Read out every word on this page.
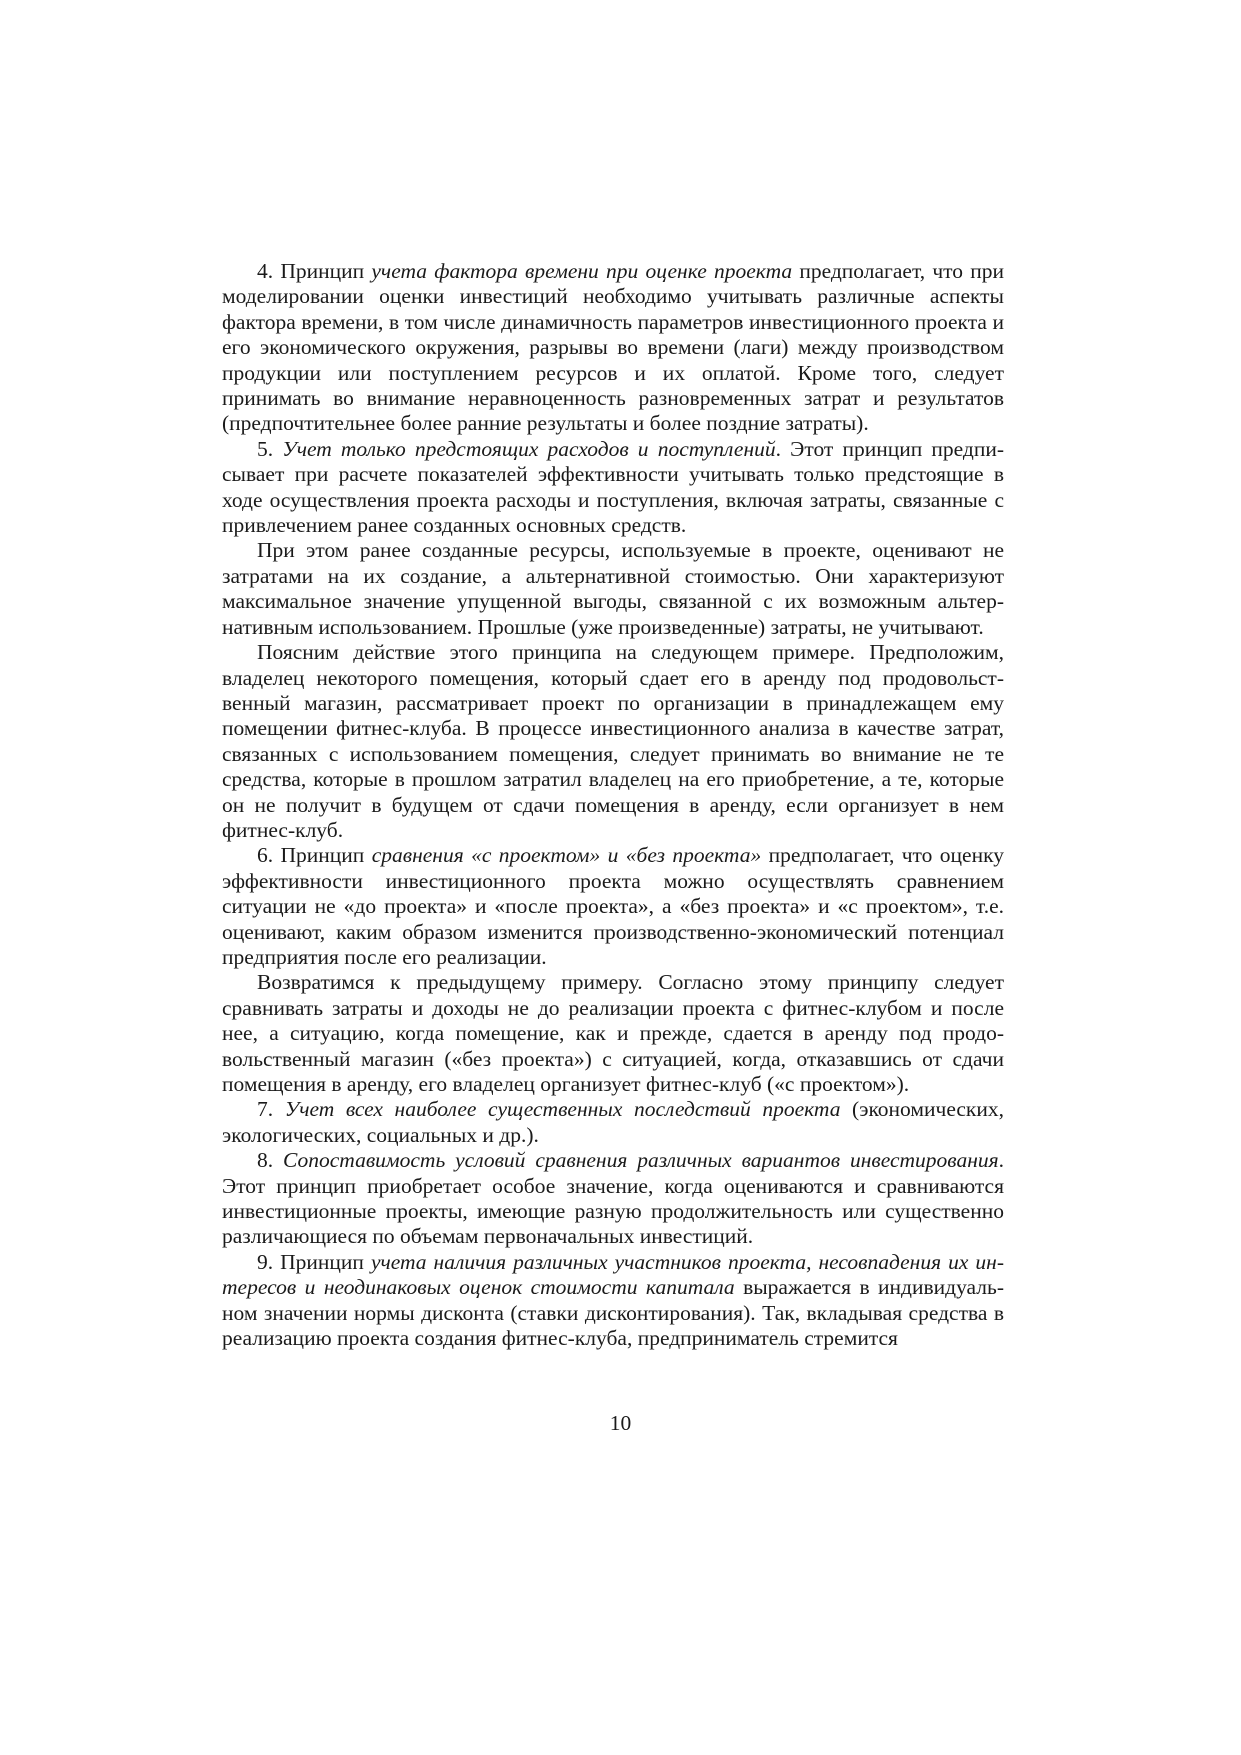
4. Принцип учета фактора времени при оценке проекта предполагает, что при моделировании оценки инвестиций необходимо учитывать различные аспекты фактора времени, в том числе динамичность параметров инвестиционного проекта и его экономического окружения, разрывы во времени (лаги) между производством продукции или поступлением ресурсов и их оплатой. Кроме того, следует принимать во внимание неравноценность разновременных затрат и результатов (предпочтительнее более ранние результаты и более поздние затраты).

5. Учет только предстоящих расходов и поступлений. Этот принцип предписывает при расчете показателей эффективности учитывать только предстоящие в ходе осуществления проекта расходы и поступления, включая затраты, связанные с привлечением ранее созданных основных средств.

При этом ранее созданные ресурсы, используемые в проекте, оценивают не затратами на их создание, а альтернативной стоимостью. Они характеризуют максимальное значение упущенной выгоды, связанной с их возможным альтернативным использованием. Прошлые (уже произведенные) затраты, не учитывают.

Поясним действие этого принципа на следующем примере. Предположим, владелец некоторого помещения, который сдает его в аренду под продовольственный магазин, рассматривает проект по организации в принадлежащем ему помещении фитнес-клуба. В процессе инвестиционного анализа в качестве затрат, связанных с использованием помещения, следует принимать во внимание не те средства, которые в прошлом затратил владелец на его приобретение, а те, которые он не получит в будущем от сдачи помещения в аренду, если организует в нем фитнес-клуб.

6. Принцип сравнения «с проектом» и «без проекта» предполагает, что оценку эффективности инвестиционного проекта можно осуществлять сравнением ситуации не «до проекта» и «после проекта», а «без проекта» и «с проектом», т.е. оценивают, каким образом изменится производственно-экономический потенциал предприятия после его реализации.

Возвратимся к предыдущему примеру. Согласно этому принципу следует сравнивать затраты и доходы не до реализации проекта с фитнес-клубом и после нее, а ситуацию, когда помещение, как и прежде, сдается в аренду под продовольственный магазин («без проекта») с ситуацией, когда, отказавшись от сдачи помещения в аренду, его владелец организует фитнес-клуб («с проектом»).

7. Учет всех наиболее существенных последствий проекта (экономических, экологических, социальных и др.).

8. Сопоставимость условий сравнения различных вариантов инвестирования. Этот принцип приобретает особое значение, когда оцениваются и сравниваются инвестиционные проекты, имеющие разную продолжительность или существенно различающиеся по объемам первоначальных инвестиций.

9. Принцип учета наличия различных участников проекта, несовпадения их интересов и неодинаковых оценок стоимости капитала выражается в индивидуальном значении нормы дисконта (ставки дисконтирования). Так, вкладывая средства в реализацию проекта создания фитнес-клуба, предприниматель стремится

10
